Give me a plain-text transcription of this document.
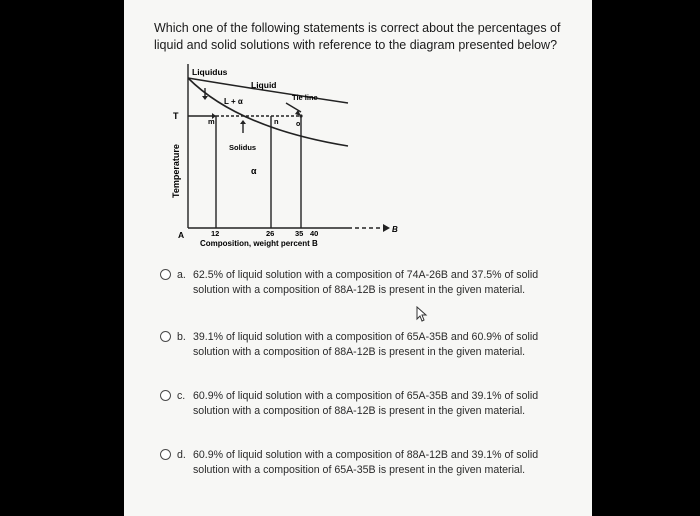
Which one of the following statements is correct about the percentages of liquid and solid solutions with reference to the diagram presented below?
Liquidus
Liquid
Tie line
L + α
m	n o
Solidus
α
T
Temperature
A	12	26	35 40	B
Composition, weight percent B
a. 62.5% of liquid solution with a composition of 74A-26B and 37.5% of solid solution with a composition of 88A-12B is present in the given material.
b. 39.1% of liquid solution with a composition of 65A-35B and 60.9% of solid solution with a composition of 88A-12B is present in the given material.
c. 60.9% of liquid solution with a composition of 65A-35B and 39.1% of solid solution with a composition of 88A-12B is present in the given material.
d. 60.9% of liquid solution with a composition of 88A-12B and 39.1% of solid solution with a composition of 65A-35B is present in the given material.
